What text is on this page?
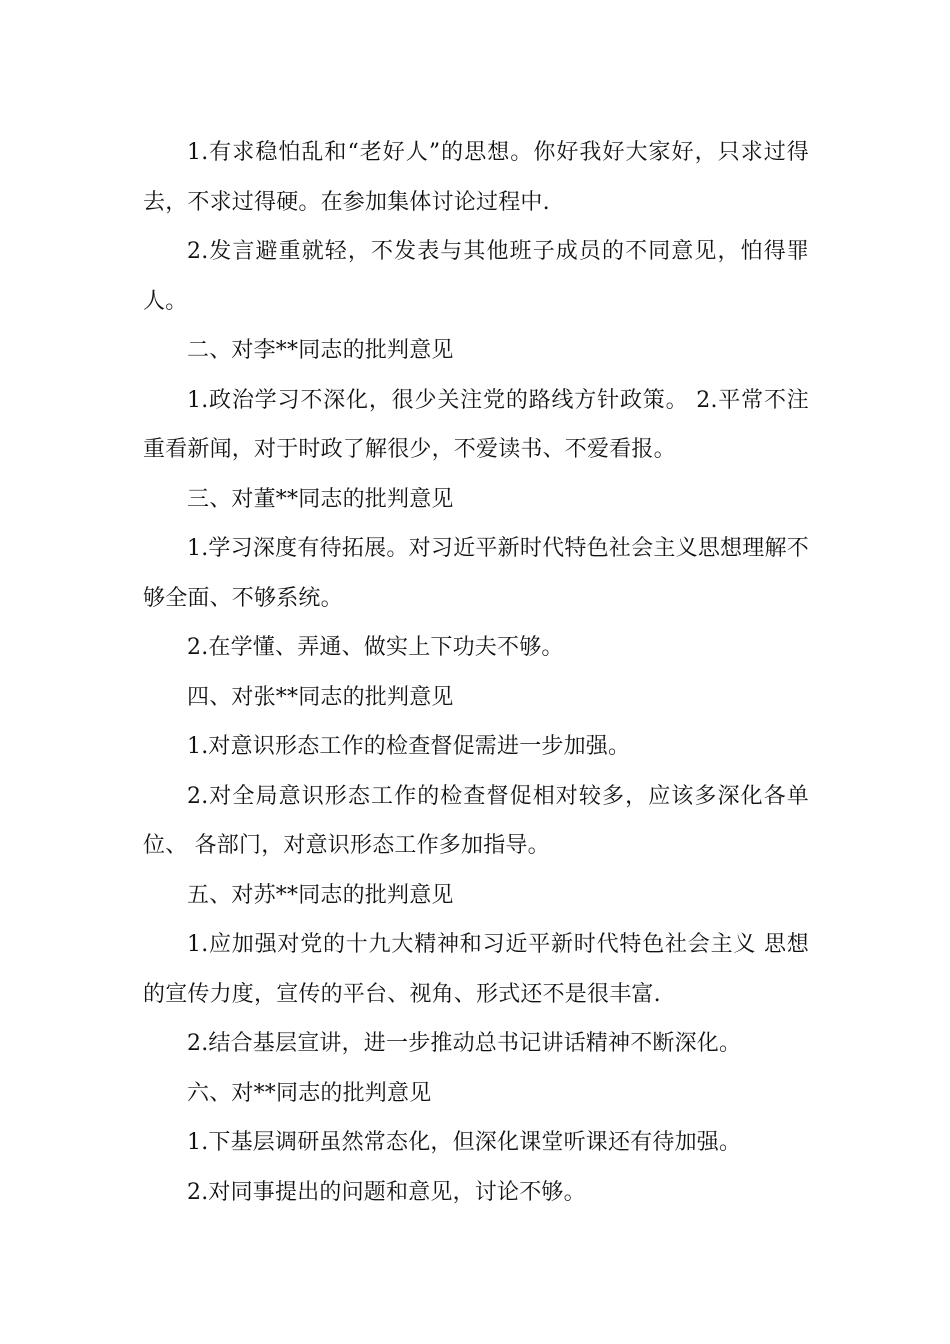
1.有求稳怕乱和“老好人”的思想。你好我好大家好，只求过得去，不求过得硬。在参加集体讨论过程中.

2.发言避重就轻，不发表与其他班子成员的不同意见，怕得罪人。

二、对李**同志的批判意见

1.政治学习不深化，很少关注党的路线方针政策。 2.平常不注重看新闻，对于时政了解很少，不爱读书、不爱看报。

三、对董**同志的批判意见

1.学习深度有待拓展。对习近平新时代特色社会主义思想理解不够全面、不够系统。

2.在学懂、弄通、做实上下功夫不够。

四、对张**同志的批判意见

1.对意识形态工作的检查督促需进一步加强。

2.对全局意识形态工作的检查督促相对较多，应该多深化各单位、 各部门，对意识形态工作多加指导。

五、对苏**同志的批判意见

1.应加强对党的十九大精神和习近平新时代特色社会主义 思想的宣传力度，宣传的平台、视角、形式还不是很丰富.

2.结合基层宣讲，进一步推动总书记讲话精神不断深化。

六、对**同志的批判意见

1.下基层调研虽然常态化，但深化课堂听课还有待加强。

2.对同事提出的问题和意见，讨论不够。
